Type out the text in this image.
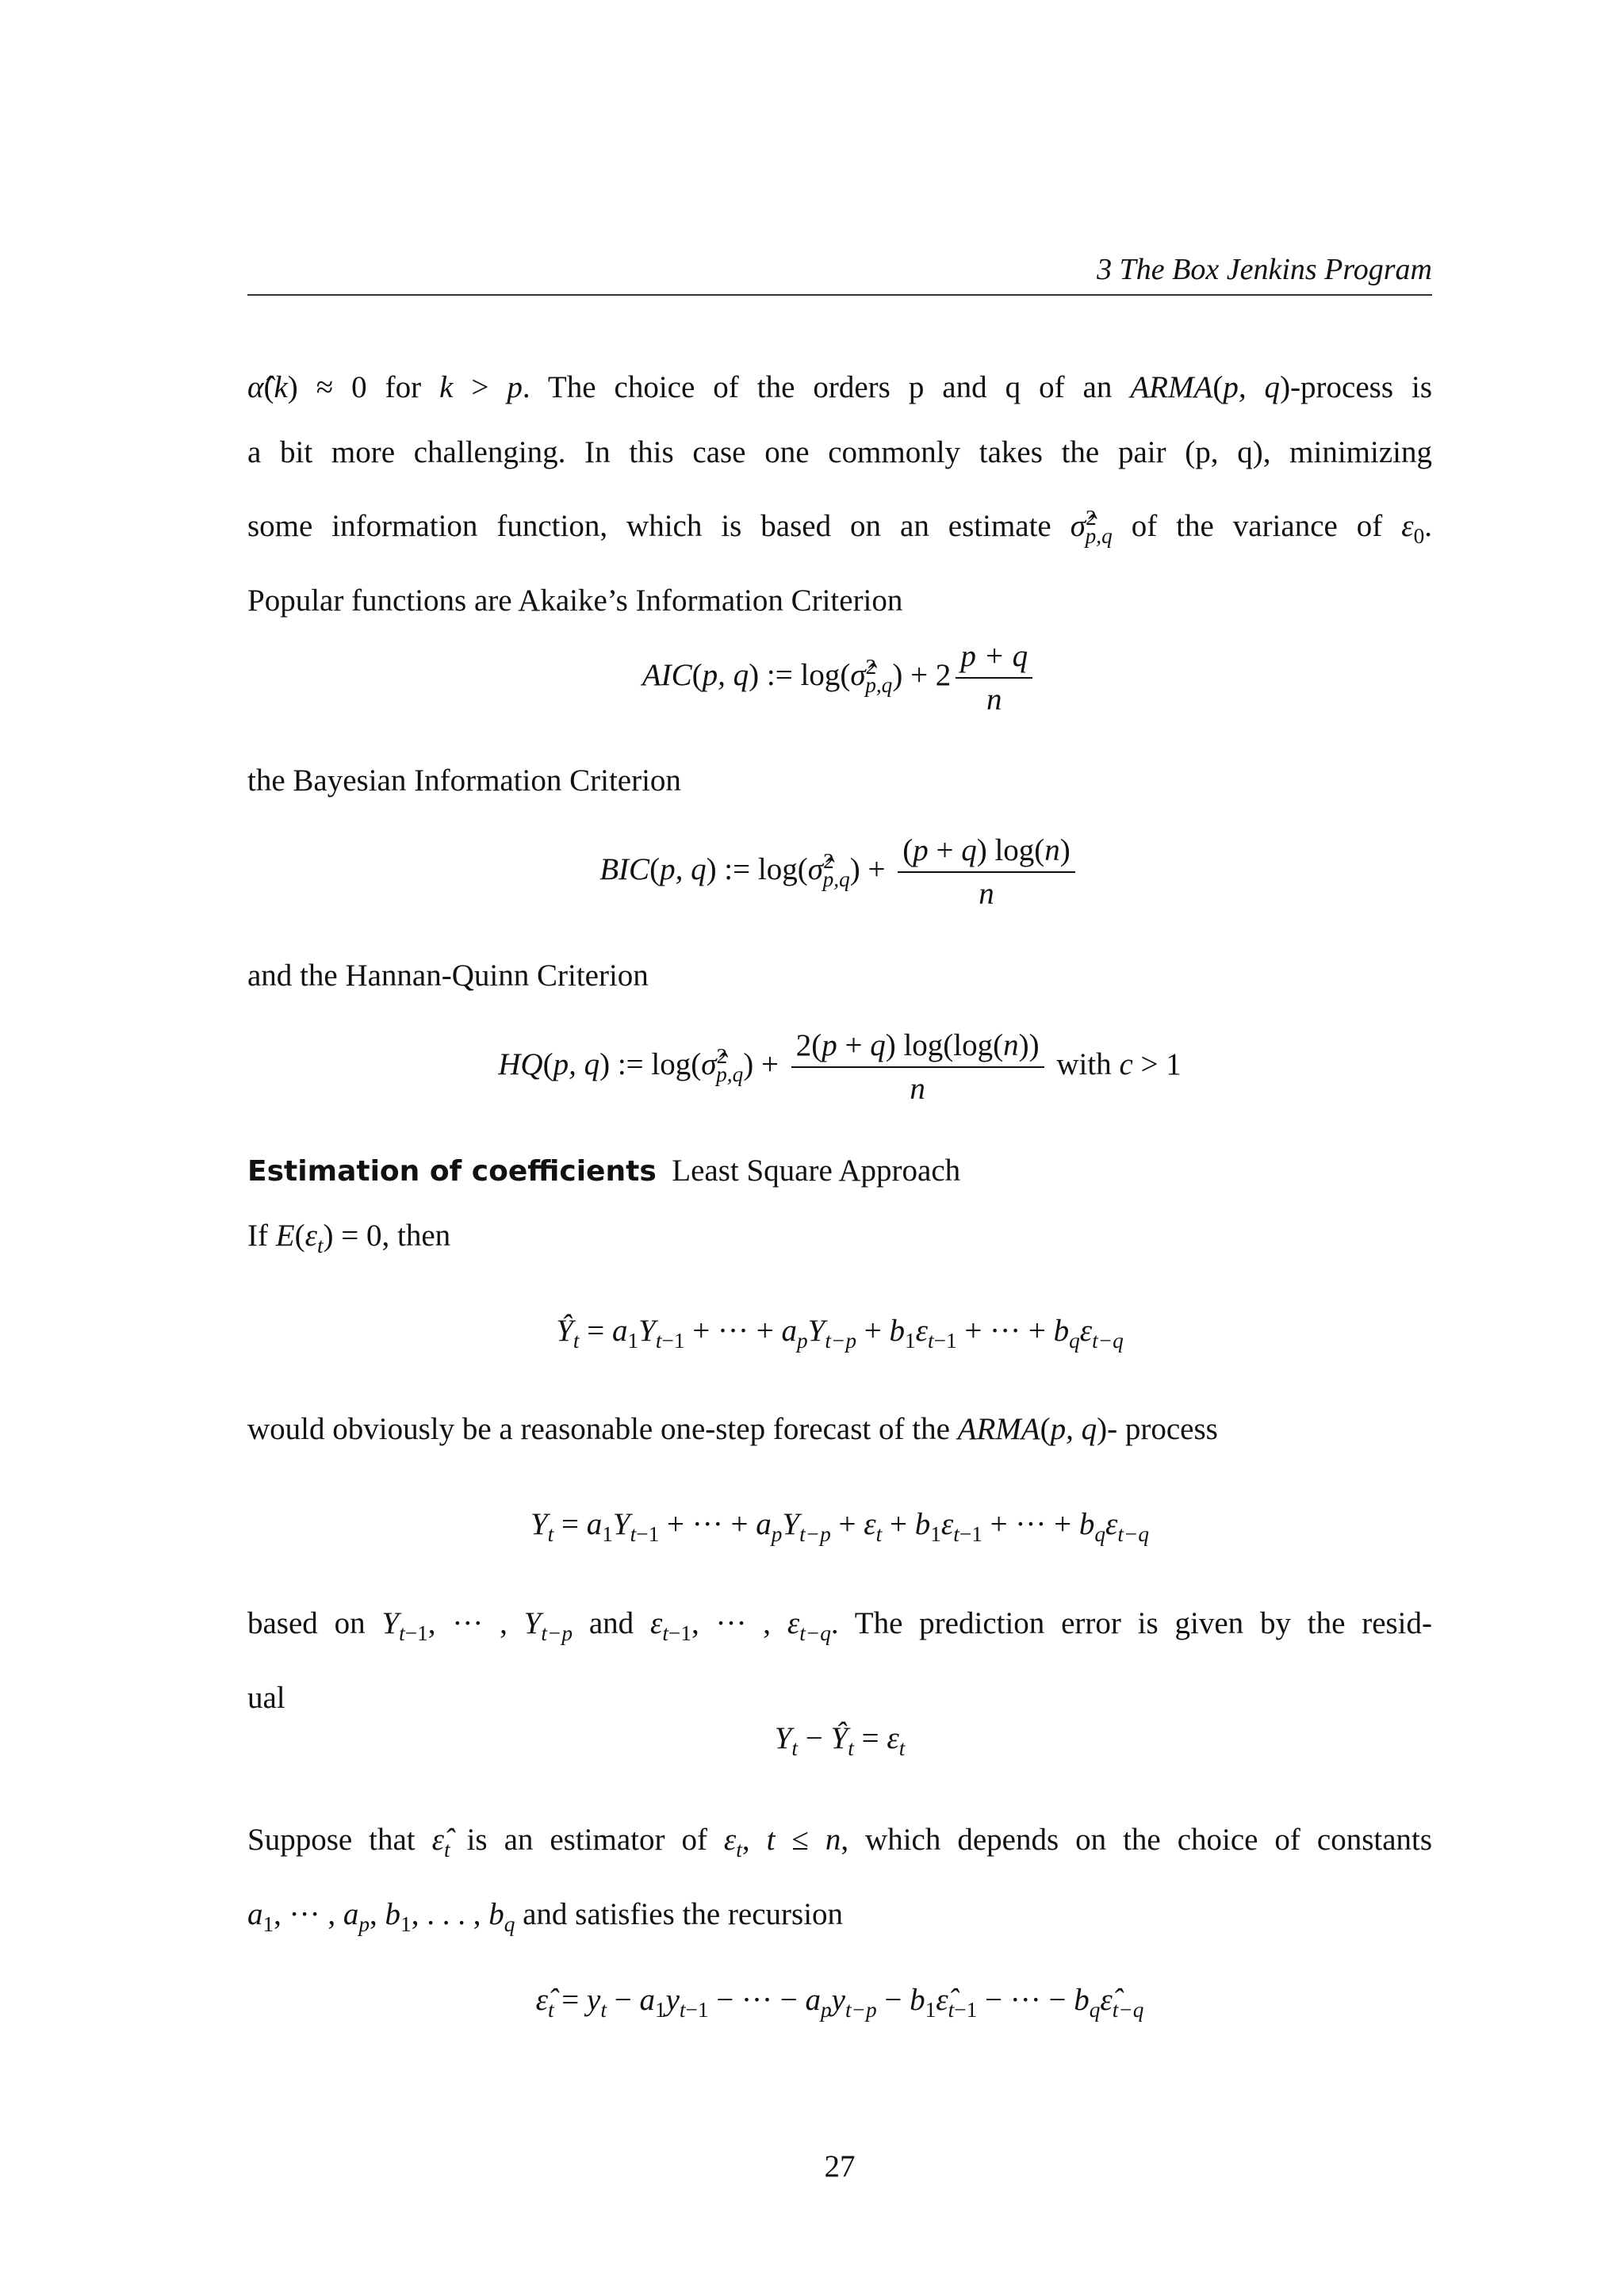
3 The Box Jenkins Program
α̂(k) ≈ 0 for k > p. The choice of the orders p and q of an ARMA(p, q)-process is
a bit more challenging. In this case one commonly takes the pair (p, q), minimizing
some information function, which is based on an estimate σ̂$^2_{p,q}$ of the variance of $\varepsilon_0$.
Popular functions are Akaike’s Information Criterion
AIC(p, q) := log(σ̂$^2_{p,q}$) + $2 \frac{p + q}{n}$
the Bayesian Information Criterion
BIC(p, q) := log(σ̂$^2_{p,q}$) + $\frac{(p + q) \log(n)}{n}$
and the Hannan-Quinn Criterion
HQ(p, q) := log(σ̂$^2_{p,q}$) + $\frac{2(p + q) \log(\log(n))}{n}$ with c > 1
Estimation of coefficients Least Square Approach
If $E(\varepsilon_t) = 0$, then
$Ŷ_t = a_1Y_{t-1}$ + ··· + $a_pY_{t-p} + b_1\varepsilon_{t-1}$ + ··· + $b_q\varepsilon_{t-q}$
would obviously be a reasonable one-step forecast of the ARMA(p, q)- process
$Y_t = a_1Y_{t-1}$ + ··· + $a_pY_{t-p} + \varepsilon_t + b_1\varepsilon_{t-1}$ + ··· + $b_q\varepsilon_{t-q}$
based on $Y_{t-1}$, ··· , $Y_{t-p}$ and $\varepsilon_{t-1}$, ··· , $\varepsilon_{t-q}$. The prediction error is given by the resid-
ual
$Y_t$ − $Ŷ_t = \varepsilon_t$
Suppose that $\varepsilon̂_t$ is an estimator of $\varepsilon_t$, t ≤ n, which depends on the choice of constants
$a_1$, ··· , $a_p$, $b_1$, . . . , $b_q$ and satisfies the recursion
$\varepsilon̂_t = y_t - a_1y_{t-1}$ − ··· − $a_py_{t-p}$ − $b_1\varepsilon̂_{t-1}$ − ··· − $b_q\varepsilon̂_{t-q}$
27
